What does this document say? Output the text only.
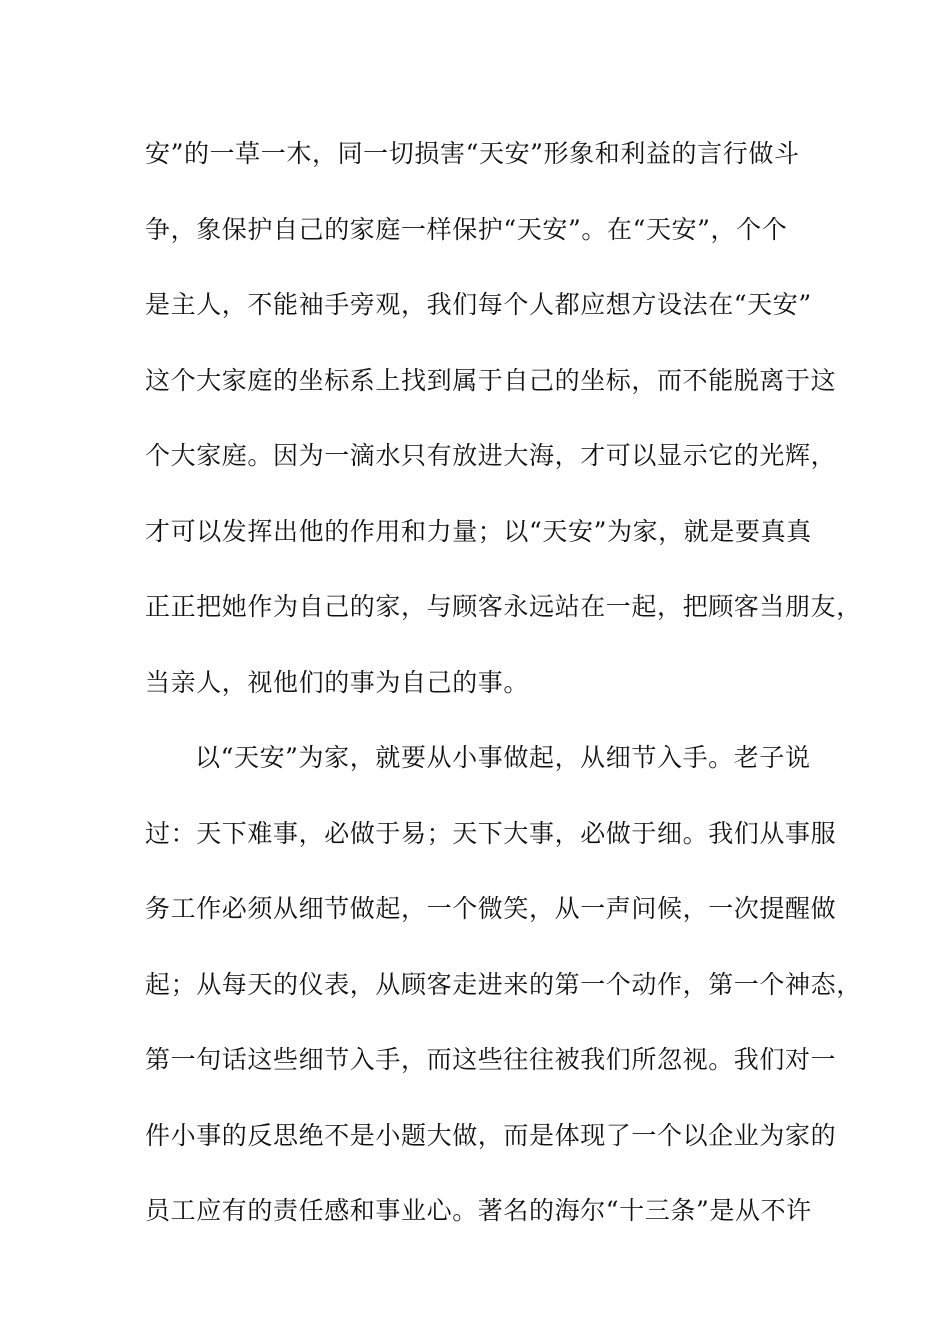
安”的一草一木，同一切损害“天安”形象和利益的言行做斗
争，象保护自己的家庭一样保护“天安”。在“天安”，个个
是主人，不能袖手旁观，我们每个人都应想方设法在“天安”
这个大家庭的坐标系上找到属于自己的坐标，而不能脱离于这
个大家庭。因为一滴水只有放进大海，才可以显示它的光辉，
才可以发挥出他的作用和力量；以“天安”为家，就是要真真
正正把她作为自己的家，与顾客永远站在一起，把顾客当朋友，
当亲人，视他们的事为自己的事。
以“天安”为家，就要从小事做起，从细节入手。老子说
过：天下难事，必做于易；天下大事，必做于细。我们从事服
务工作必须从细节做起，一个微笑，从一声问候，一次提醒做
起；从每天的仪表，从顾客走进来的第一个动作，第一个神态，
第一句话这些细节入手，而这些往往被我们所忽视。我们对一
件小事的反思绝不是小题大做，而是体现了一个以企业为家的
员工应有的责任感和事业心。著名的海尔“十三条”是从不许
